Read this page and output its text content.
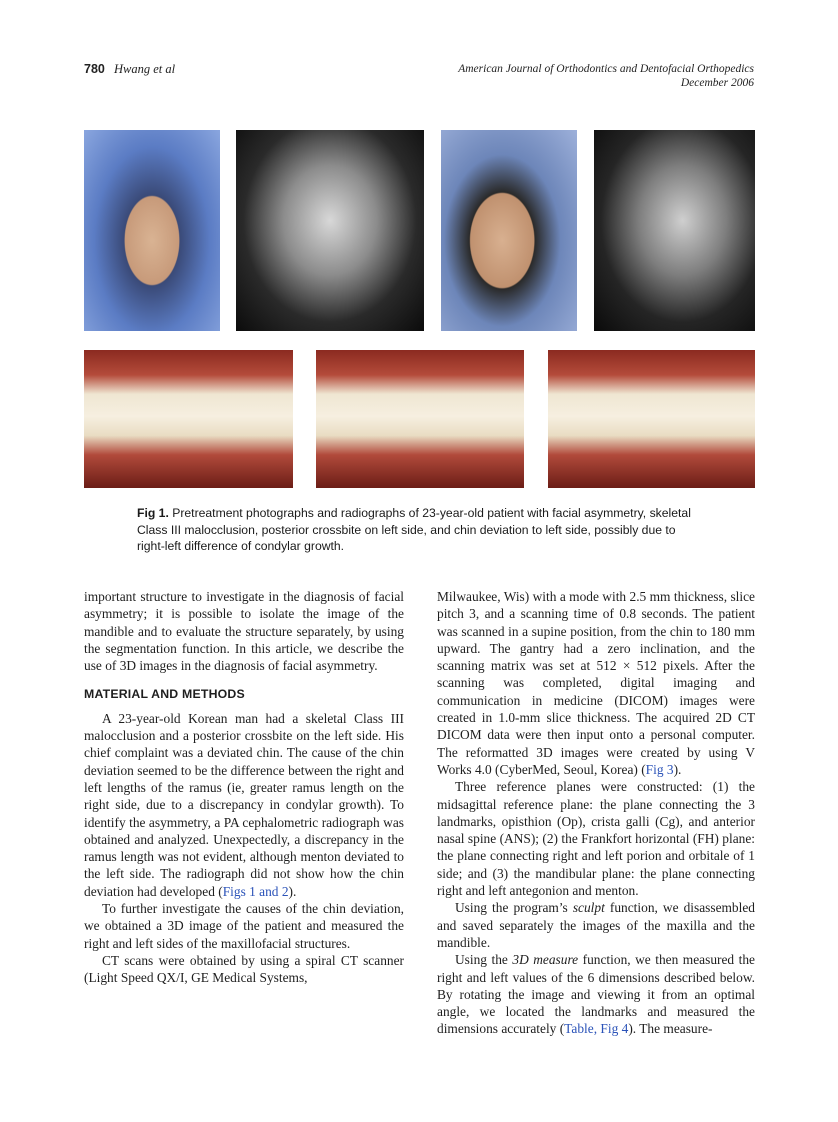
780 Hwang et al	American Journal of Orthodontics and Dentofacial Orthopedics
December 2006
Fig 1. Pretreatment photographs and radiographs of 23-year-old patient with facial asymmetry, skeletal Class III malocclusion, posterior crossbite on left side, and chin deviation to left side, possibly due to right-left difference of condylar growth.

important structure to investigate in the diagnosis of facial asymmetry; it is possible to isolate the image of the mandible and to evaluate the structure separately, by using the segmentation function. In this article, we describe the use of 3D images in the diagnosis of facial asymmetry.

MATERIAL AND METHODS

A 23-year-old Korean man had a skeletal Class III malocclusion and a posterior crossbite on the left side. His chief complaint was a deviated chin. The cause of the chin deviation seemed to be the difference between the right and left lengths of the ramus (ie, greater ramus length on the right side, due to a discrepancy in condylar growth). To identify the asymmetry, a PA cephalometric radiograph was obtained and analyzed. Unexpectedly, a discrepancy in the ramus length was not evident, although menton deviated to the left side. The radiograph did not show how the chin deviation had developed (Figs 1 and 2).

To further investigate the causes of the chin deviation, we obtained a 3D image of the patient and measured the right and left sides of the maxillofacial structures.

CT scans were obtained by using a spiral CT scanner (Light Speed QX/I, GE Medical Systems,

Milwaukee, Wis) with a mode with 2.5 mm thickness, slice pitch 3, and a scanning time of 0.8 seconds. The patient was scanned in a supine position, from the chin to 180 mm upward. The gantry had a zero inclination, and the scanning matrix was set at 512 × 512 pixels. After the scanning was completed, digital imaging and communication in medicine (DICOM) images were created in 1.0-mm slice thickness. The acquired 2D CT DICOM data were then input onto a personal computer. The reformatted 3D images were created by using V Works 4.0 (CyberMed, Seoul, Korea) (Fig 3).

Three reference planes were constructed: (1) the midsagittal reference plane: the plane connecting the 3 landmarks, opisthion (Op), crista galli (Cg), and anterior nasal spine (ANS); (2) the Frankfort horizontal (FH) plane: the plane connecting right and left porion and orbitale of 1 side; and (3) the mandibular plane: the plane connecting right and left antegonion and menton.

Using the program’s sculpt function, we disassembled and saved separately the images of the maxilla and the mandible.

Using the 3D measure function, we then measured the right and left values of the 6 dimensions described below. By rotating the image and viewing it from an optimal angle, we located the landmarks and measured the dimensions accurately (Table, Fig 4). The measure-
